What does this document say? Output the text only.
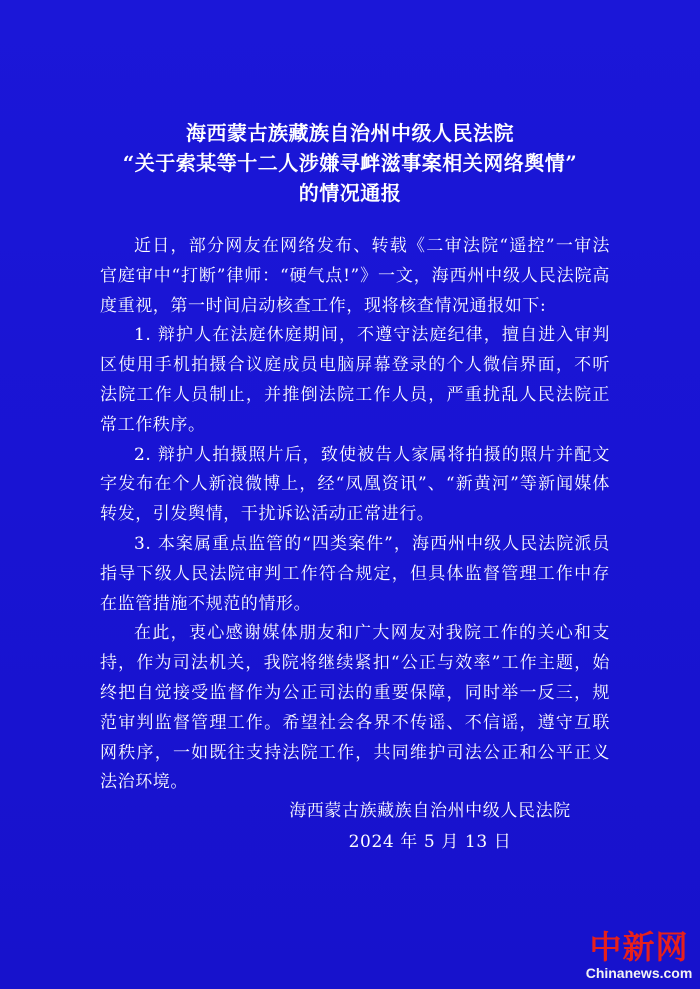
海西蒙古族藏族自治州中级人民法院
“关于索某等十二人涉嫌寻衅滋事案相关网络舆情”
的情况通报

近日，部分网友在网络发布、转载《二审法院“遥控”一审法官庭审中“打断”律师：“硬气点!”》一文，海西州中级人民法院高度重视，第一时间启动核查工作，现将核查情况通报如下:

1. 辩护人在法庭休庭期间，不遵守法庭纪律，擅自进入审判区使用手机拍摄合议庭成员电脑屏幕登录的个人微信界面，不听法院工作人员制止，并推倒法院工作人员，严重扰乱人民法院正常工作秩序。

2. 辩护人拍摄照片后，致使被告人家属将拍摄的照片并配文字发布在个人新浪微博上，经“凤凰资讯”、“新黄河”等新闻媒体转发，引发舆情，干扰诉讼活动正常进行。

3. 本案属重点监管的“四类案件”，海西州中级人民法院派员指导下级人民法院审判工作符合规定，但具体监督管理工作中存在监管措施不规范的情形。

在此，衷心感谢媒体朋友和广大网友对我院工作的关心和支持，作为司法机关，我院将继续紧扣“公正与效率”工作主题，始终把自觉接受监督作为公正司法的重要保障，同时举一反三，规范审判监督管理工作。希望社会各界不传谣、不信谣，遵守互联网秩序，一如既往支持法院工作，共同维护司法公正和公平正义法治环境。

海西蒙古族藏族自治州中级人民法院
2024 年 5 月 13 日
中新网
Chinanews.com
